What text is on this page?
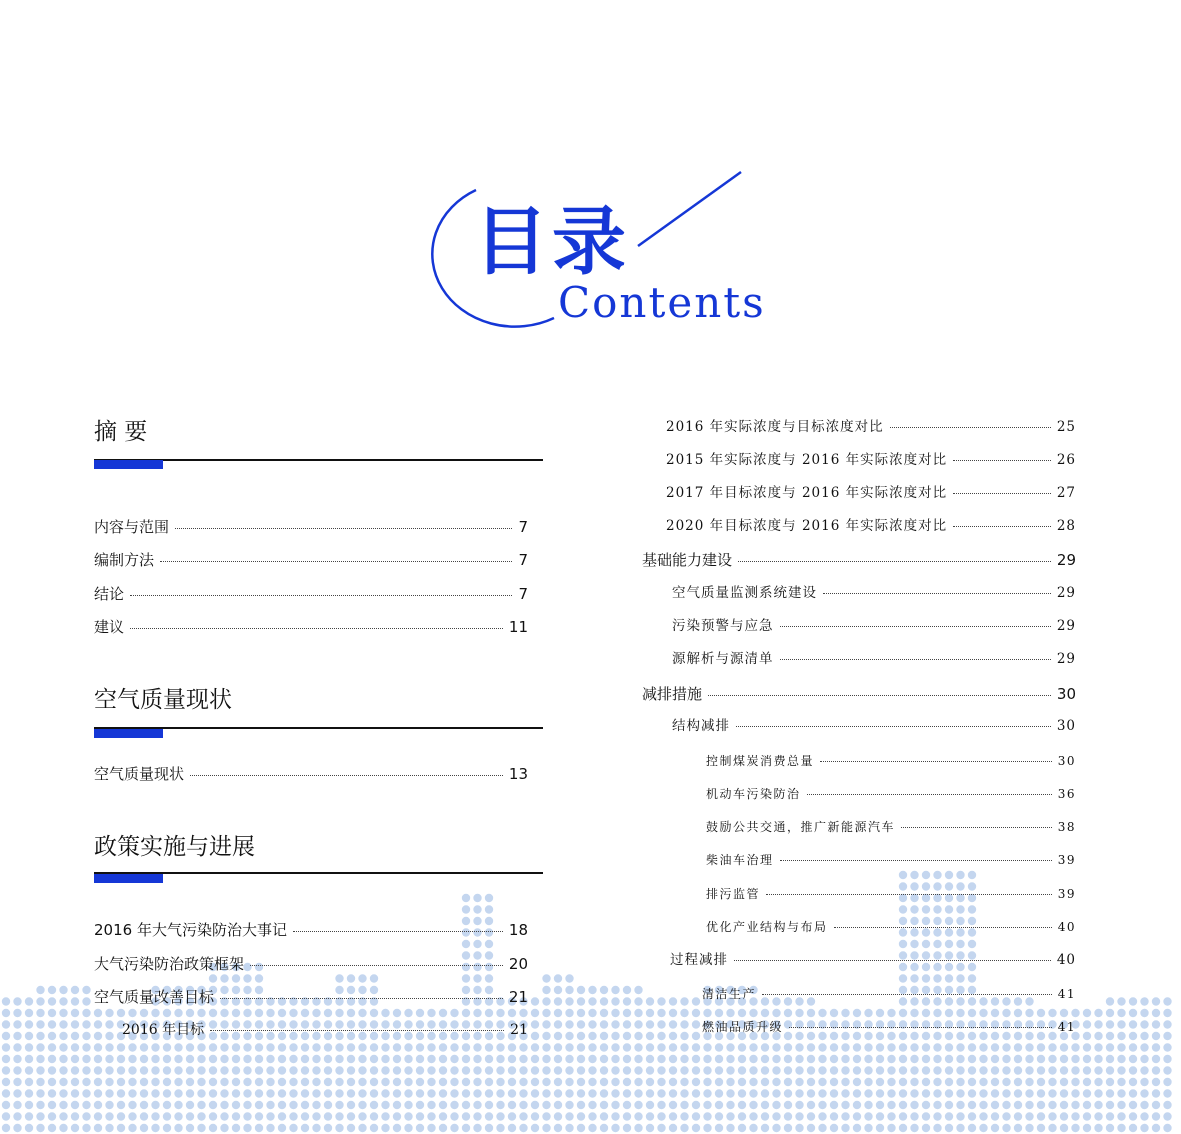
目录
Contents
摘 要
内容与范围	7
编制方法	7
结论	7
建议	11
空气质量现状
空气质量现状	13
政策实施与进展
2016 年大气污染防治大事记	18
大气污染防治政策框架	20
空气质量改善目标	21
2016 年目标	21
2016 年实际浓度与目标浓度对比	25
2015 年实际浓度与 2016 年实际浓度对比	26
2017 年目标浓度与 2016 年实际浓度对比	27
2020 年目标浓度与 2016 年实际浓度对比	28
基础能力建设	29
空气质量监测系统建设	29
污染预警与应急	29
源解析与源清单	29
减排措施	30
结构减排	30
控制煤炭消费总量	30
机动车污染防治	36
鼓励公共交通，推广新能源汽车	38
柴油车治理	39
排污监管	39
优化产业结构与布局	40
过程减排	40
清洁生产	41
燃油品质升级	41
